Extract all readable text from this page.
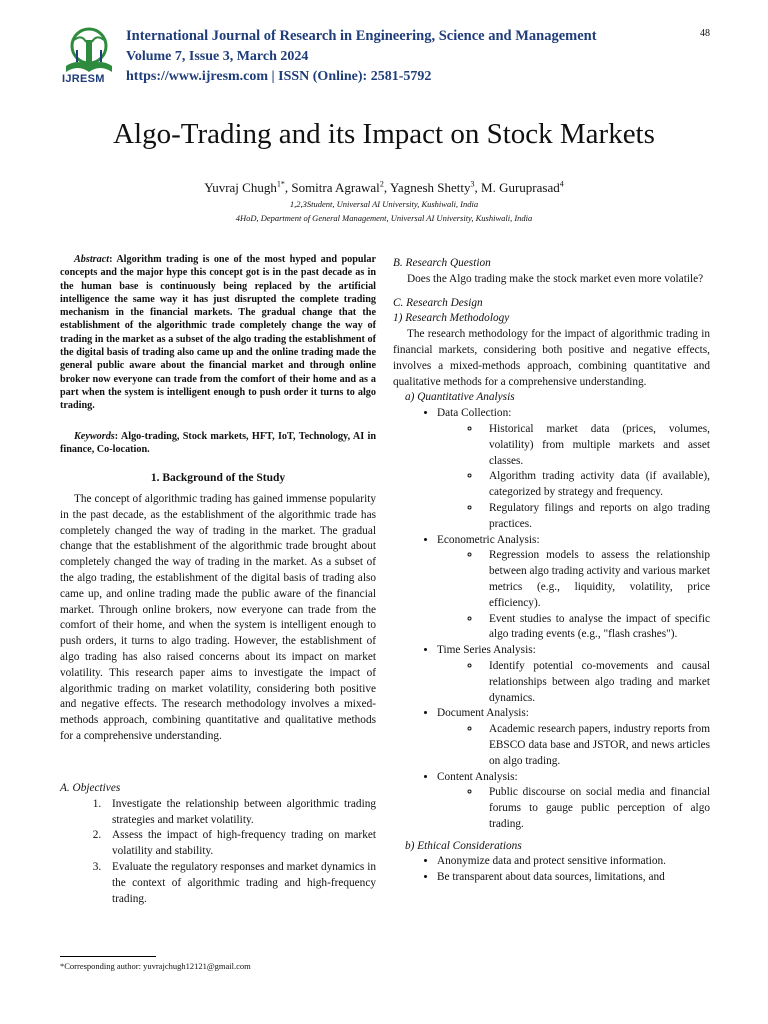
IJRESM
International Journal of Research in Engineering, Science and Management
Volume 7, Issue 3, March 2024
https://www.ijresm.com | ISSN (Online): 2581-5792
48
Algo-Trading and its Impact on Stock Markets
Yuvraj Chugh$^{1*}$, Somitra Agrawal$^2$, Yagnesh Shetty$^3$, M. Guruprasad$^4$
1,2,3Student, Universal AI University, Kushiwali, India
4HoD, Department of General Management, Universal AI University, Kushiwali, India
Abstract: Algorithm trading is one of the most hyped and popular concepts and the major hype this concept got is in the past decade as in the human base is continuously being replaced by the artificial intelligence the same way it has just disrupted the complete trading mechanism in the financial markets. The gradual change that the establishment of the algorithmic trade completely change the way of trading in the market as a subset of the algo trading the establishment of the digital basis of trading also came up and the online trading made the general public aware about the financial market and through online broker now everyone can trade from the comfort of their home and as a part when the system is intelligent enough to push order it turns to algo trading.
Keywords: Algo-trading, Stock markets, HFT, IoT, Technology, AI in finance, Co-location.
1. Background of the Study
The concept of algorithmic trading has gained immense popularity in the past decade, as the establishment of the algorithmic trade has completely changed the way of trading in the market. The gradual change that the establishment of the algorithmic trade brought about completely changed the way of trading in the market. As a subset of the algo trading, the establishment of the digital basis of trading also came up, and online trading made the public aware of the financial market. Through online brokers, now everyone can trade from the comfort of their home, and when the system is intelligent enough to push orders, it turns to algo trading. However, the establishment of algo trading has also raised concerns about its impact on market volatility. This research paper aims to investigate the impact of algorithmic trading on market volatility, considering both positive and negative effects. The research methodology involves a mixed-methods approach, combining quantitative and qualitative methods for a comprehensive understanding.
A. Objectives
1. Investigate the relationship between algorithmic trading strategies and market volatility.
2. Assess the impact of high-frequency trading on market volatility and stability.
3. Evaluate the regulatory responses and market dynamics in the context of algorithmic trading and high-frequency trading.
*Corresponding author: yuvrajchugh12121@gmail.com
B. Research Question
Does the Algo trading make the stock market even more volatile?
C. Research Design
1) Research Methodology
The research methodology for the impact of algorithmic trading in financial markets, considering both positive and negative effects, involves a mixed-methods approach, combining quantitative and qualitative methods for a comprehensive understanding.
a) Quantitative Analysis
• Data Collection:
◦ Historical market data (prices, volumes, volatility) from multiple markets and asset classes.
◦ Algorithm trading activity data (if available), categorized by strategy and frequency.
◦ Regulatory filings and reports on algo trading practices.
• Econometric Analysis:
◦ Regression models to assess the relationship between algo trading activity and various market metrics (e.g., liquidity, volatility, price efficiency).
◦ Event studies to analyse the impact of specific algo trading events (e.g., "flash crashes").
• Time Series Analysis:
◦ Identify potential co-movements and causal relationships between algo trading and market dynamics.
• Document Analysis:
◦ Academic research papers, industry reports from EBSCO data base and JSTOR, and news articles on algo trading.
• Content Analysis:
◦ Public discourse on social media and financial forums to gauge public perception of algo trading.
b) Ethical Considerations
• Anonymize data and protect sensitive information.
• Be transparent about data sources, limitations, and
